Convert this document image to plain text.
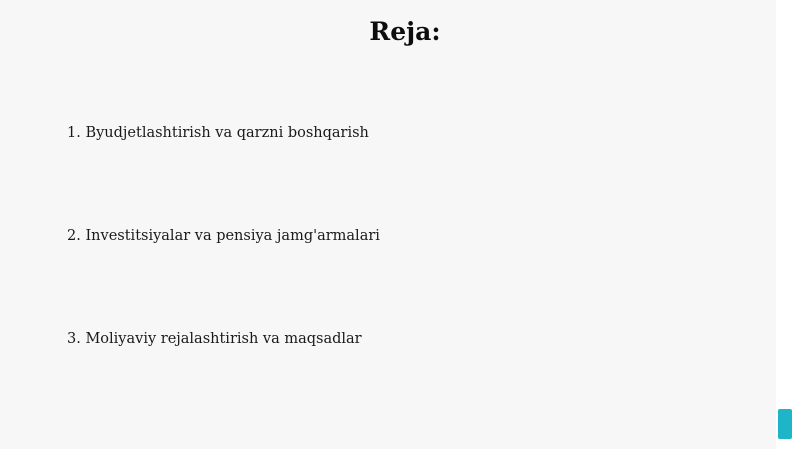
Reja:
1. Byudjetlashtirish va qarzni boshqarish
2. Investitsiyalar va pensiya jamg'armalari
3. Moliyaviy rejalashtirish va maqsadlar
